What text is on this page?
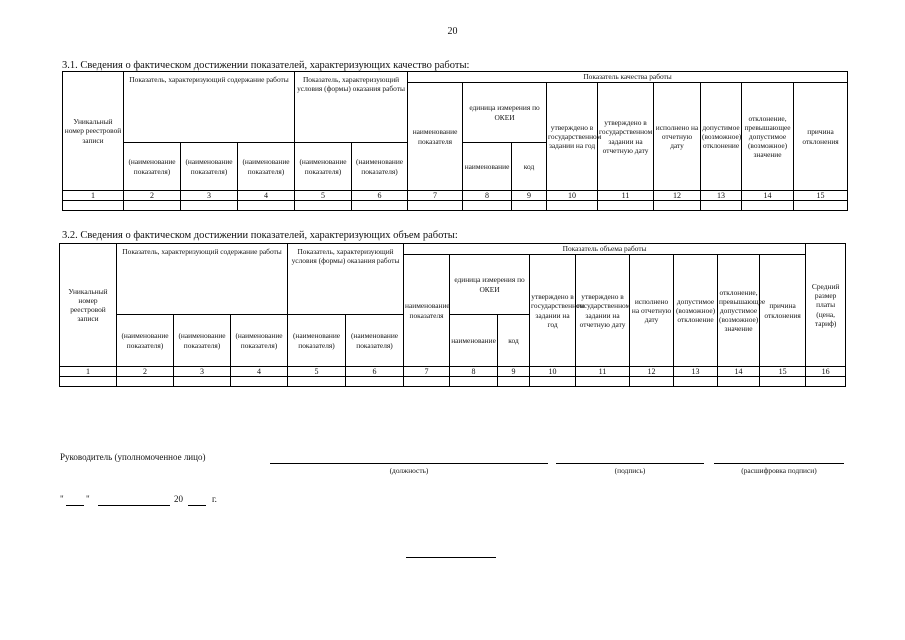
20
3.1. Сведения о фактическом достижении показателей, характеризующих качество работы:
Уникальный номер реестровой записи	Показатель, характеризующий содержание работы			Показатель, характеризующий условия (формы) оказания работы		Показатель качества работы								
						наименование показателя	единица измерения по ОКЕИ		утверждено в государственном задании на год	утверждено в государственном задании на отчетную дату	исполнено на отчетную дату	допустимое (возможное) отклонение	отклонение, превышающее допустимое (возможное) значение	причина отклонения
	(наименование показателя)	(наименование показателя)	(наименование показателя)	(наименование показателя)	(наименование показателя)		наименование	код						
1	2	3	4	5	6	7	8	9	10	11	12	13	14	15

3.2. Сведения о фактическом достижении показателей, характеризующих объем работы:
Уникальный номер реестровой записи	Показатель, характеризующий содержание работы			Показатель, характеризующий условия (формы) оказания работы		Показатель объема работы									Средний размер платы (цена, тариф)
						наименование показателя	единица измерения по ОКЕИ		утверждено в государственном задании на год	утверждено в государственном задании на отчетную дату	исполнено на отчетную дату	допустимое (возможное) отклонение	отклонение, превышающее допустимое (возможное) значение	причина отклонения	
	(наименование показателя)	(наименование показателя)	(наименование показателя)	(наименование показателя)	(наименование показателя)		наименование	код							
1	2	3	4	5	6	7	8	9	10	11	12	13	14	15	16

Руководитель (уполномоченное лицо)
(должность)	(подпись)	(расшифровка подписи)
" "	20	г.
